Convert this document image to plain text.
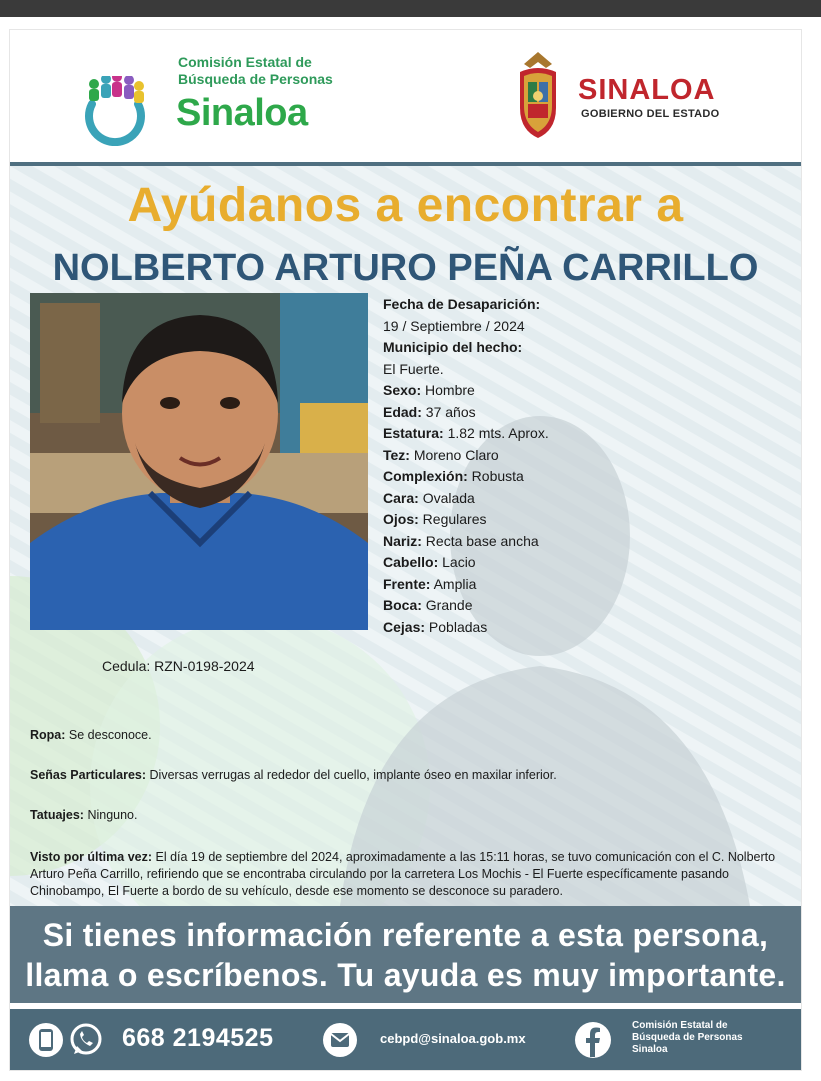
Comisión Estatal de
Búsqueda de Personas
Sinaloa
SINALOA
GOBIERNO DEL ESTADO
Ayúdanos a encontrar a
NOLBERTO ARTURO PEÑA CARRILLO
Fecha de Desaparición:
19 / Septiembre / 2024
Municipio del hecho:
El Fuerte.
Sexo: Hombre
Edad: 37 años
Estatura: 1.82 mts. Aprox.
Tez: Moreno Claro
Complexión: Robusta
Cara: Ovalada
Ojos: Regulares
Nariz: Recta base ancha
Cabello: Lacio
Frente: Amplia
Boca: Grande
Cejas: Pobladas
Cedula: RZN-0198-2024
Ropa: Se desconoce.
Señas Particulares: Diversas verrugas al rededor del cuello, implante óseo en maxilar inferior.
Tatuajes: Ninguno.
Visto por última vez: El día 19 de septiembre del 2024, aproximadamente a las 15:11 horas, se tuvo comunicación con el C. Nolberto Arturo Peña Carrillo, refiriendo que se encontraba circulando por la carretera Los Mochis - El Fuerte específicamente pasando Chinobampo, El Fuerte a bordo de su vehículo, desde ese momento se desconoce su paradero.
Si tienes información referente a esta persona,
llama o escríbenos. Tu ayuda es muy importante.
668 2194525	cebpd@sinaloa.gob.mx
Comisión Estatal de
Búsqueda de Personas
Sinaloa
